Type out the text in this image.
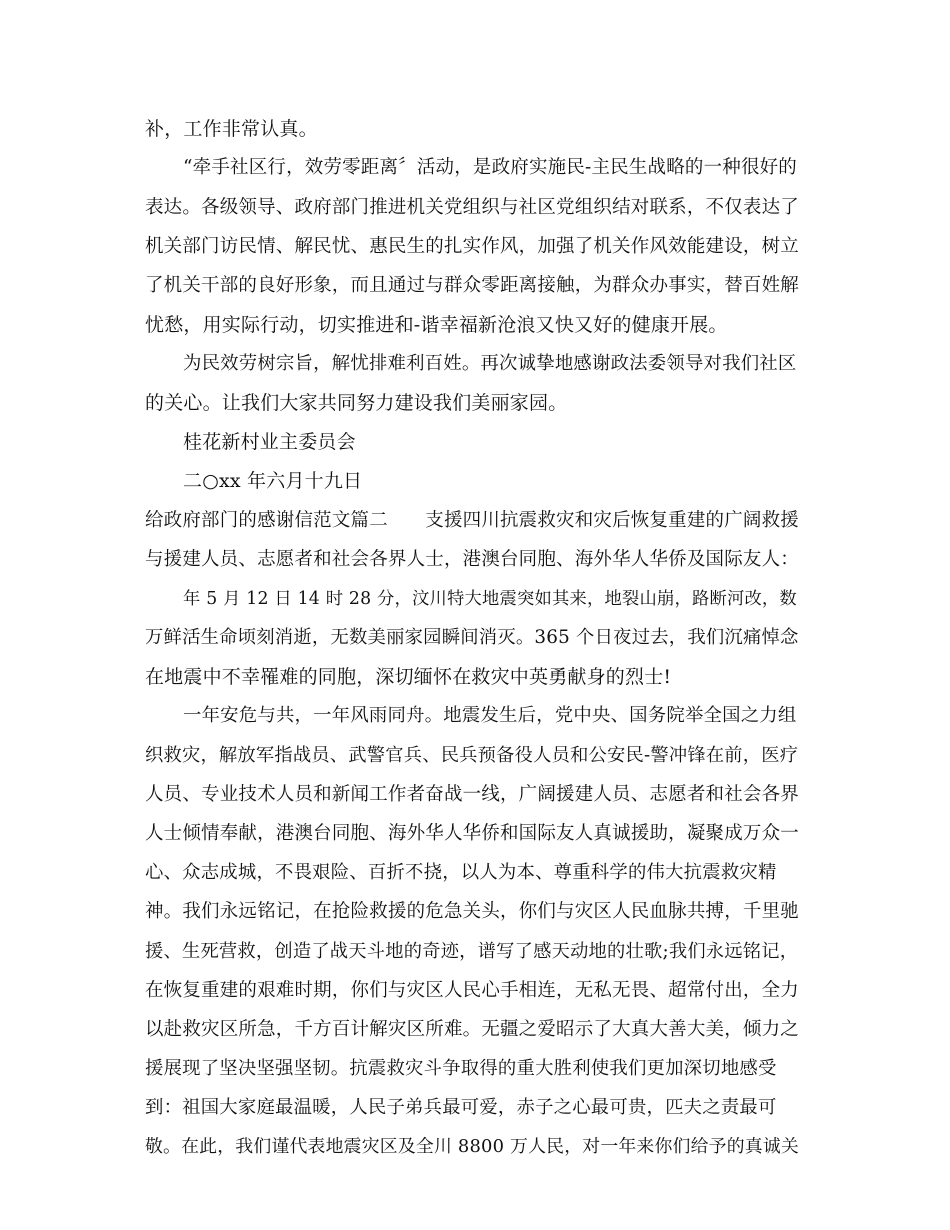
补，工作非常认真。
“牵手社区行，效劳零距离〞活动，是政府实施民-主民生战略的一种很好的
表达。各级领导、政府部门推进机关党组织与社区党组织结对联系，不仅表达了
机关部门访民情、解民忧、惠民生的扎实作风，加强了机关作风效能建设，树立
了机关干部的良好形象，而且通过与群众零距离接触，为群众办事实，替百姓解
忧愁，用实际行动，切实推进和-谐幸福新沧浪又快又好的健康开展。
为民效劳树宗旨，解忧排难利百姓。再次诚挚地感谢政法委领导对我们社区
的关心。让我们大家共同努力建设我们美丽家园。
桂花新村业主委员会
二○xx 年六月十九日
给政府部门的感谢信范文篇二　　支援四川抗震救灾和灾后恢复重建的广阔救援
与援建人员、志愿者和社会各界人士，港澳台同胞、海外华人华侨及国际友人：
年 5 月 12 日 14 时 28 分，汶川特大地震突如其来，地裂山崩，路断河改，数
万鲜活生命顷刻消逝，无数美丽家园瞬间消灭。365 个日夜过去，我们沉痛悼念
在地震中不幸罹难的同胞，深切缅怀在救灾中英勇献身的烈士!
一年安危与共，一年风雨同舟。地震发生后，党中央、国务院举全国之力组
织救灾，解放军指战员、武警官兵、民兵预备役人员和公安民-警冲锋在前，医疗
人员、专业技术人员和新闻工作者奋战一线，广阔援建人员、志愿者和社会各界
人士倾情奉献，港澳台同胞、海外华人华侨和国际友人真诚援助，凝聚成万众一
心、众志成城，不畏艰险、百折不挠，以人为本、尊重科学的伟大抗震救灾精
神。我们永远铭记，在抢险救援的危急关头，你们与灾区人民血脉共搏，千里驰
援、生死营救，创造了战天斗地的奇迹，谱写了感天动地的壮歌;我们永远铭记，
在恢复重建的艰难时期，你们与灾区人民心手相连，无私无畏、超常付出，全力
以赴救灾区所急，千方百计解灾区所难。无疆之爱昭示了大真大善大美，倾力之
援展现了坚决坚强坚韧。抗震救灾斗争取得的重大胜利使我们更加深切地感受
到：祖国大家庭最温暖，人民子弟兵最可爱，赤子之心最可贵，匹夫之责最可
敬。在此，我们谨代表地震灾区及全川 8800 万人民，对一年来你们给予的真诚关
